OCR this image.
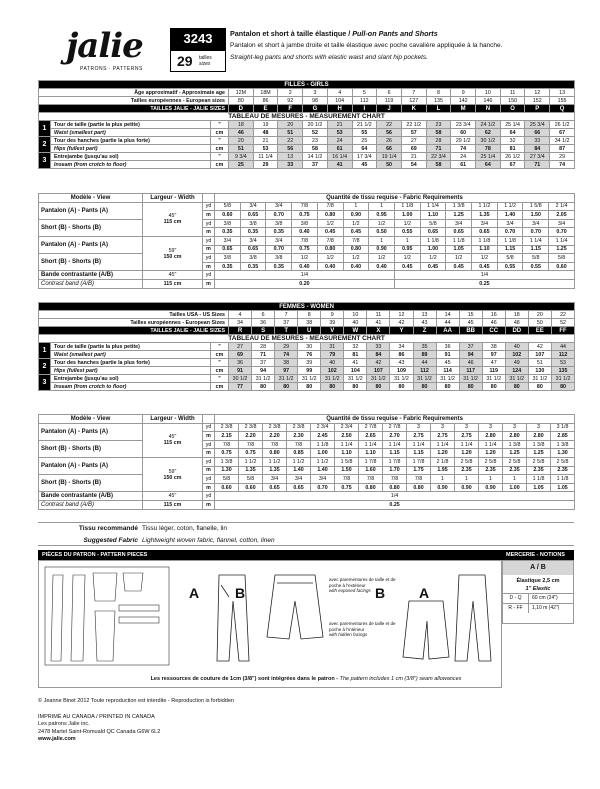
jalie
PATRONS · PATTERNS
3243
29 tailles
sizes
Pantalon et short à taille élastique / Pull-on Pants and Shorts
Pantalon et short à jambe droite et taille élastique avec poche cavalière appliquée à la hanche.
Straight-leg pants and shorts with elastic waist and slant hip pockets.
FILLES - GIRLS																
Âge approximatif - Approximate age			12M	18M	2	3	4	5	6	7	8	9	10	11	12	13
Tailles européennes - European sizes			80	86	92	98	104	112	119	127	135	142	146	150	152	155
TAILLES JALIE - JALIE SIZES			D	E	F	G	H	I	J	K	L	M	N	O	P	Q
TABLEAU DE MESURES - MEASUREMENT CHART																
1	Tour de taille (partie la plus petite)	"	18	19	20	20 1/2	21	21 1/2	22	22 1/2	23	23 3/4	24 1/2	25 1/4	25 3/4	26 1/2
	Waist (smallest part)	cm	46	48	51	52	53	55	56	57	58	60	62	64	66	67
2	Tour des hanches (partie la plus forte)	"	20	21	22	23	24	25	26	27	28	29 1/2	30 1/2	32	33	34 1/2
	Hips (fullest part)	cm	51	53	56	58	61	64	66	69	71	74	78	81	84	87
3	Entrejambe (jusqu'au sol)	"	9 3/4	11 1/4	13	14 1/2	16 1/4	17 3/4	19 1/4	21	22 3/4	24	25 1/4	26 1/2	27 3/4	29
	Inseam (from crotch to floor)	cm	25	29	33	37	41	45	50	54	58	61	64	67	71	74
Modèle - View	Largeur - Width		Quantité de tissu requise - Fabric Requirements													
Pantalon (A) - Pants (A)	45"
115 cm	yd	5/8	3/4	3/4	7/8	7/8	1	1	1 1/8	1 1/4	1 3/8	1 1/2	1 1/2	1 5/8	2 1/4
		m	0.60	0.65	0.70	0.75	0.80	0.90	0.95	1.00	1.10	1.25	1.35	1.40	1.50	2.05
Short (B) - Shorts (B)		yd	3/8	3/8	3/8	3/8	1/2	1/2	1/2	1/2	5/8	3/4	3/4	3/4	3/4	3/4
		m	0.35	0.35	0.35	0.40	0.45	0.45	0.50	0.55	0.65	0.65	0.65	0.70	0.70	0.70
Pantalon (A) - Pants (A)	59"
150 cm	yd	3/4	3/4	3/4	7/8	7/8	7/8	1	1	1 1/8	1 1/8	1 1/8	1 1/8	1 1/4	1 1/4
		m	0.65	0.65	0.70	0.75	0.80	0.80	0.90	0.95	1.00	1.05	1.10	1.15	1.15	1.25
Short (B) - Shorts (B)		yd	3/8	3/8	3/8	1/2	1/2	1/2	1/2	1/2	1/2	1/2	1/2	5/8	5/8	5/8
		m	0.35	0.35	0.35	0.40	0.40	0.40	0.40	0.45	0.45	0.45	0.45	0.55	0.55	0.60
Bande contrastante (A/B)	45"	yd	1/4							1/4						
Contrast band (A/B)	115 cm	m	0.20							0.25						
FEMMES - WOMEN																	
Tailles USA - US Sizes			4	6	7	8	9	10	11	12	13	14	15	16	18	20	22
Tailles européennes - European Sizes			34	36	37	38	39	40	41	42	43	44	45	46	48	50	52
TAILLES JALIE - JALIE SIZES			R	S	T	U	V	W	X	Y	Z	AA	BB	CC	DD	EE	FF
TABLEAU DE MESURES - MEASUREMENT CHART																	
1	Tour de taille (partie la plus petite)	"	27	28	29	30	31	32	33	34	35	36	37	38	40	42	44
	Waist (smallest part)	cm	69	71	74	76	79	81	84	86	89	91	94	97	102	107	112
2	Tour des hanches (partie la plus forte)	"	36	37	38	39	40	41	42	43	44	45	46	47	49	51	53
	Hips (fullest part)	cm	91	94	97	99	102	104	107	109	112	114	117	119	124	130	135
3	Entrejambe (jusqu'au sol)	"	30 1/2	31 1/2	31 1/2	31 1/2	31 1/2	31 1/2	31 1/2	31 1/2	31 1/2	31 1/2	31 1/2	31 1/2	31 1/2	31 1/2	31 1/2
	Inseam (from crotch to floor)	cm	77	80	80	80	80	80	80	80	80	80	80	80	80	80	80
Modèle - View	Largeur - Width		Quantité de tissu requise - Fabric Requirements														
Pantalon (A) - Pants (A)	45"
115 cm	yd	2 3/8	2 3/8	2 3/8	2 3/8	2 3/4	2 3/4	2 7/8	2 7/8	3	3	3	3	3	3	3 1/8
		m	2.15	2.20	2.20	2.30	2.45	2.50	2.65	2.70	2.75	2.75	2.75	2.80	2.80	2.80	2.85
Short (B) - Shorts (B)		yd	7/8	7/8	7/8	7/8	1 1/8	1 1/4	1 1/4	1 1/4	1 1/4	1 1/4	1 1/4	1 1/4	1 3/8	1 3/8	1 3/8
		m	0.75	0.75	0.80	0.85	1.00	1.10	1.10	1.15	1.15	1.20	1.20	1.20	1.25	1.25	1.30
Pantalon (A) - Pants (A)	59"
150 cm	yd	1 3/8	1 1/2	1 1/2	1 1/2	1 1/2	1 5/8	1 7/8	1 7/8	1 7/8	2 1/8	2 5/8	2 5/8	2 5/8	2 5/8	2 5/8
		m	1.30	1.35	1.35	1.40	1.40	1.50	1.60	1.70	1.75	1.95	2.35	2.35	2.35	2.35	2.35
Short (B) - Shorts (B)		yd	5/8	5/8	3/4	3/4	3/4	7/8	7/8	7/8	7/8	1	1	1	1	1 1/8	1 1/8
		m	0.60	0.60	0.65	0.65	0.70	0.75	0.80	0.80	0.80	0.90	0.90	0.90	1.00	1.05	1.05
Bande contrastante (A/B)	45"	yd	1/4														
Contrast band (A/B)	115 cm	m	0.25														
Tissu recommandé
Suggested Fabric
Tissu léger, coton, flanelle, lin
Lightweight woven fabric, flannel, cotton, linen
PIÈCES DU PATRON - PATTERN PIECES	MERCERIE - NOTIONS
A	B	B A
avec parementures de taille et de poche à l'extérieur
with exposed facings
avec parementures de taille et de poche à l'intérieur
with hidden facings
A / B
Élastique 2,5 cm
1" Elastic
D - Q	60 cm (24")
R - FF	1,10 m (42")
Les ressources de couture de 1cm (3/8") sont intégrées dans le patron - The pattern includes 1 cm (3/8") seam allowances
© Jeanne Binet 2012 Toute reproduction est interdite - Reproduction is forbidden
IMPRIMÉ AU CANADA / PRINTED IN CANADA
Les patrons Jalie inc.
2478 Martel Saint-Romuald QC Canada G6W 6L2
www.jalie.com
